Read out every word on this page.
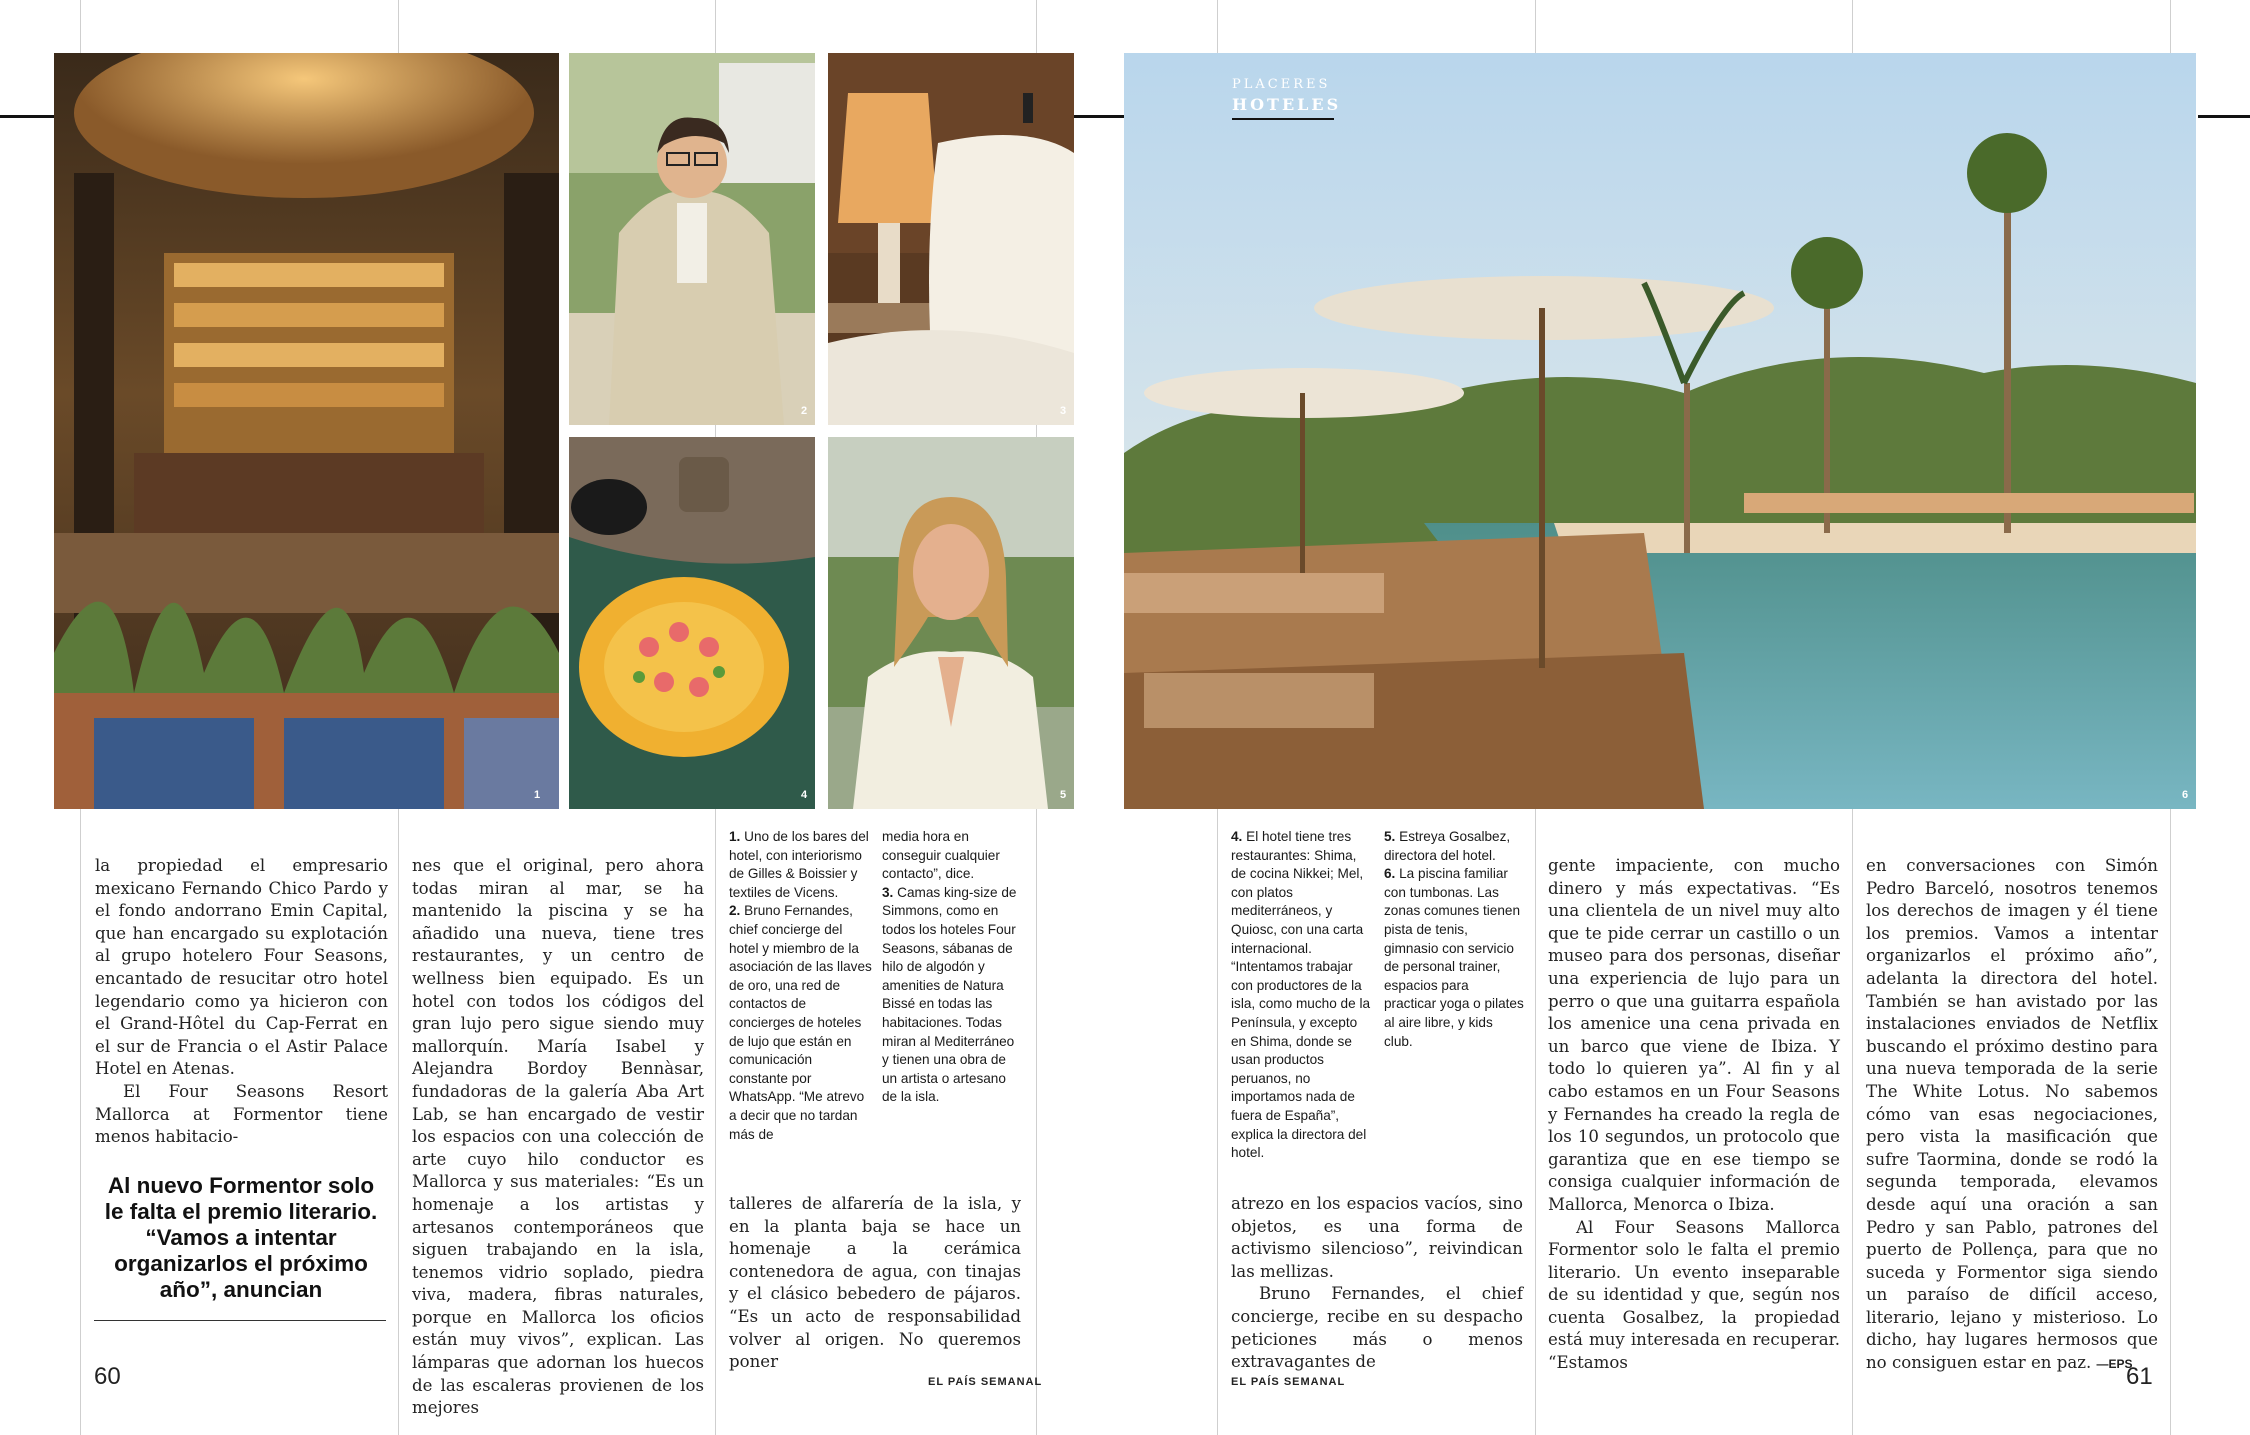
1
2	3
4	5
PLACERES
HOTELES
6

la propiedad el empresario mexicano Fernando Chico Pardo y el fondo andorrano Emin Capital, que han encargado su explotación al grupo hotelero Four Seasons, encantado de resucitar otro hotel legendario como ya hicieron con el Grand-Hôtel du Cap-Ferrat en el sur de Francia o el Astir Palace Hotel en Atenas.

El Four Seasons Resort Mallorca at Formentor tiene menos habitacio-

Al nuevo Formentor solo le falta el premio literario. “Vamos a intentar organizarlos el próximo año”, anuncian

nes que el original, pero ahora todas miran al mar, se ha mantenido la piscina y se ha añadido una nueva, tiene tres restaurantes, y un centro de wellness bien equipado. Es un hotel con todos los códigos del gran lujo pero sigue siendo muy mallorquín. María Isabel y Alejandra Bordoy Bennàsar, fundadoras de la galería Aba Art Lab, se han encargado de vestir los espacios con una colección de arte cuyo hilo conductor es Mallorca y sus materiales: “Es un homenaje a los artistas y artesanos contemporáneos que siguen trabajando en la isla, tenemos vidrio soplado, piedra viva, madera, fibras naturales, porque en Mallorca los oficios están muy vivos”, explican. Las lámparas que adornan los huecos de las escaleras provienen de los mejores

1. Uno de los bares del hotel, con interiorismo de Gilles & Boissier y textiles de Vicens.

2. Bruno Fernandes, chief concierge del hotel y miembro de la asociación de las llaves de oro, una red de contactos de concierges de hoteles de lujo que están en comunicación constante por WhatsApp. “Me atrevo a decir que no tardan más de

media hora en conseguir cualquier contacto”, dice.

3. Camas king-size de Simmons, como en todos los hoteles Four Seasons, sábanas de hilo de algodón y amenities de Natura Bissé en todas las habitaciones. Todas miran al Mediterráneo y tienen una obra de un artista o artesano de la isla.

talleres de alfarería de la isla, y en la planta baja se hace un homenaje a la cerámica contenedora de agua, con tinajas y el clásico bebedero de pájaros. “Es un acto de responsabilidad volver al origen. No queremos poner

60	EL PAÍS SEMANAL

4. El hotel tiene tres restaurantes: Shima, de cocina Nikkei; Mel, con platos mediterráneos, y Quiosc, con una carta internacional. “Intentamos trabajar con productores de la isla, como mucho de la Península, y excepto en Shima, donde se usan productos peruanos, no importamos nada de fuera de España”, explica la directora del hotel.

5. Estreya Gosalbez, directora del hotel.

6. La piscina familiar con tumbonas. Las zonas comunes tienen pista de tenis, gimnasio con servicio de personal trainer, espacios para practicar yoga o pilates al aire libre, y kids club.

atrezo en los espacios vacíos, sino objetos, es una forma de activismo silencioso”, reivindican las mellizas.

Bruno Fernandes, el chief concierge, recibe en su despacho peticiones más o menos extravagantes de

gente impaciente, con mucho dinero y más expectativas. “Es una clientela de un nivel muy alto que te pide cerrar un castillo o un museo para dos personas, diseñar una experiencia de lujo para un perro o que una guitarra española los amenice una cena privada en un barco que viene de Ibiza. Y todo lo quieren ya”. Al fin y al cabo estamos en un Four Seasons y Fernandes ha creado la regla de los 10 segundos, un protocolo que garantiza que en ese tiempo se consiga cualquier información de Mallorca, Menorca o Ibiza.

Al Four Seasons Mallorca Formentor solo le falta el premio literario. Un evento inseparable de su identidad y que, según nos cuenta Gosalbez, la propiedad está muy interesada en recuperar. “Estamos

en conversaciones con Simón Pedro Barceló, nosotros tenemos los derechos de imagen y él tiene los premios. Vamos a intentar organizarlos el próximo año”, adelanta la directora del hotel. También se han avistado por las instalaciones enviados de Netflix buscando el próximo destino para una nueva temporada de la serie The White Lotus. No sabemos cómo van esas negociaciones, pero vista la masificación que sufre Taormina, donde se rodó la segunda temporada, elevamos desde aquí una oración a san Pedro y san Pablo, patrones del puerto de Pollença, para que no suceda y Formentor siga siendo un paraíso de difícil acceso, literario, lejano y misterioso. Lo dicho, hay lugares hermosos que no consiguen estar en paz. —EPS

EL PAÍS SEMANAL	61
